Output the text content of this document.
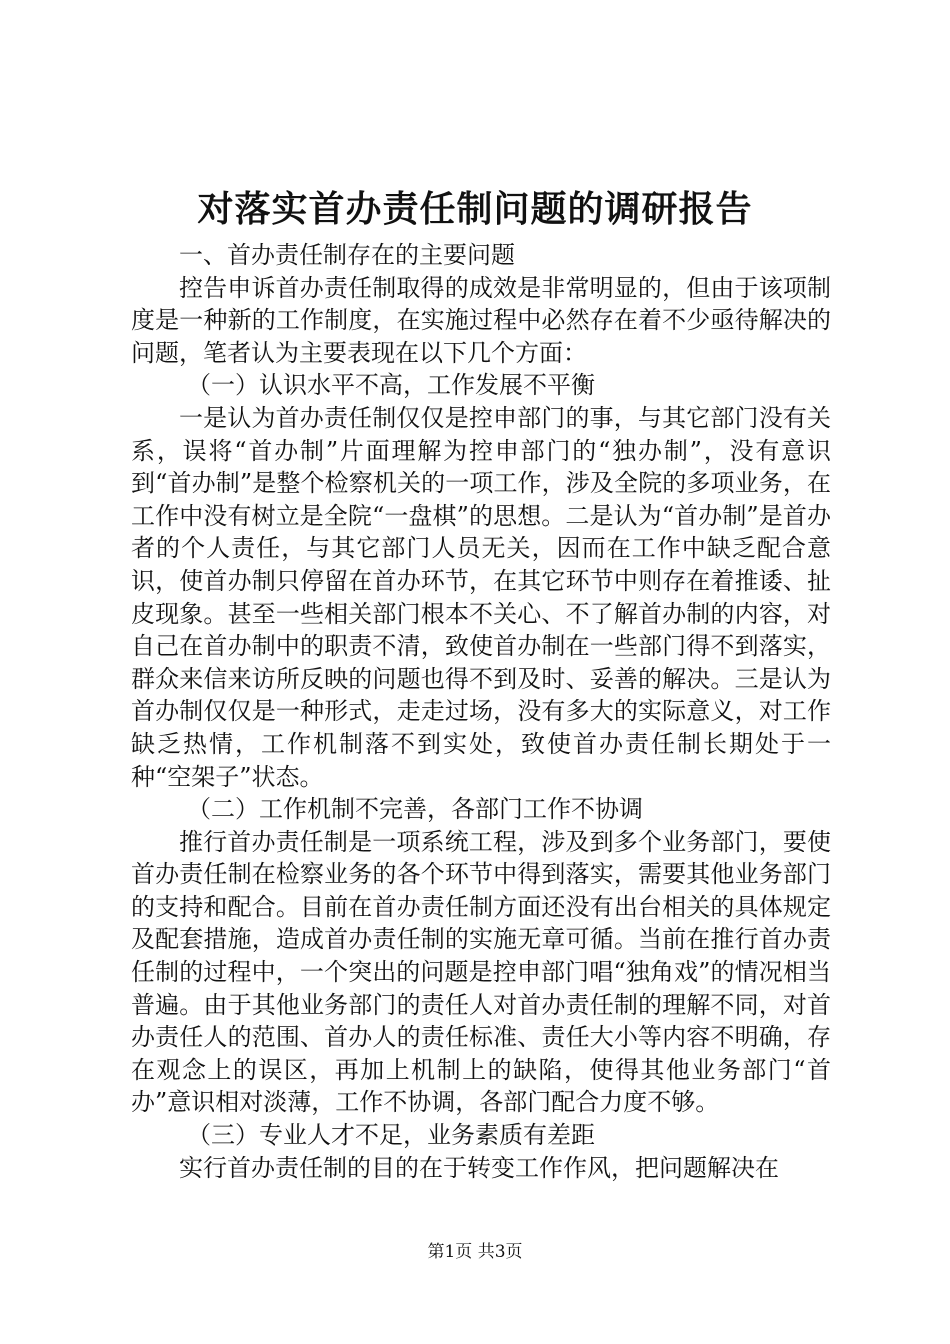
对落实首办责任制问题的调研报告

一、首办责任制存在的主要问题

控告申诉首办责任制取得的成效是非常明显的，但由于该项制度是一种新的工作制度，在实施过程中必然存在着不少亟待解决的问题，笔者认为主要表现在以下几个方面：

（一）认识水平不高，工作发展不平衡

一是认为首办责任制仅仅是控申部门的事，与其它部门没有关系，误将“首办制”片面理解为控申部门的“独办制”，没有意识到“首办制”是整个检察机关的一项工作，涉及全院的多项业务，在工作中没有树立是全院“一盘棋”的思想。二是认为“首办制”是首办者的个人责任，与其它部门人员无关，因而在工作中缺乏配合意识，使首办制只停留在首办环节，在其它环节中则存在着推诿、扯皮现象。甚至一些相关部门根本不关心、不了解首办制的内容，对自己在首办制中的职责不清，致使首办制在一些部门得不到落实，群众来信来访所反映的问题也得不到及时、妥善的解决。三是认为首办制仅仅是一种形式，走走过场，没有多大的实际意义，对工作缺乏热情，工作机制落不到实处，致使首办责任制长期处于一种“空架子”状态。

（二）工作机制不完善，各部门工作不协调

推行首办责任制是一项系统工程，涉及到多个业务部门，要使首办责任制在检察业务的各个环节中得到落实，需要其他业务部门的支持和配合。目前在首办责任制方面还没有出台相关的具体规定及配套措施，造成首办责任制的实施无章可循。当前在推行首办责任制的过程中，一个突出的问题是控申部门唱“独角戏”的情况相当普遍。由于其他业务部门的责任人对首办责任制的理解不同，对首办责任人的范围、首办人的责任标准、责任大小等内容不明确，存在观念上的误区，再加上机制上的缺陷，使得其他业务部门“首办”意识相对淡薄，工作不协调，各部门配合力度不够。

（三）专业人才不足，业务素质有差距

实行首办责任制的目的在于转变工作作风，把问题解决在

第1页 共3页
